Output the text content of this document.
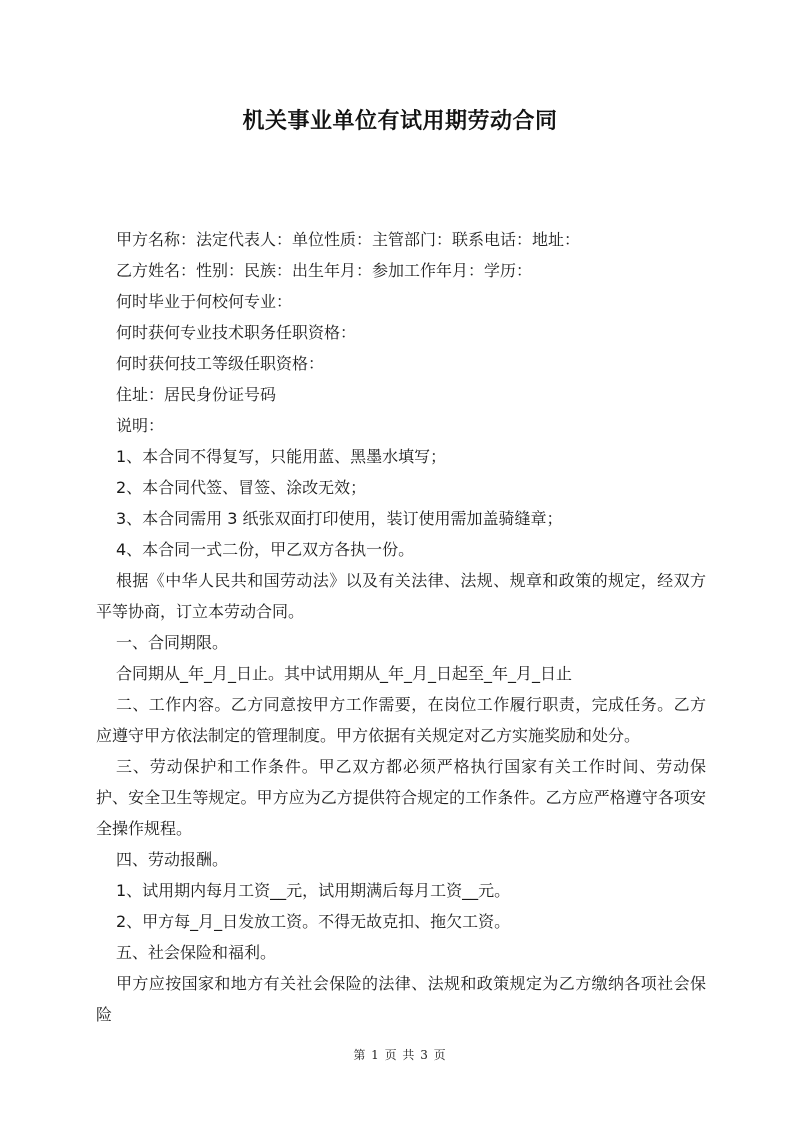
机关事业单位有试用期劳动合同

甲方名称：法定代表人：单位性质：主管部门：联系电话：地址：

乙方姓名：性别：民族：出生年月：参加工作年月：学历：

何时毕业于何校何专业：

何时获何专业技术职务任职资格：

何时获何技工等级任职资格：

住址：居民身份证号码

说明：

1、本合同不得复写，只能用蓝、黑墨水填写；

2、本合同代签、冒签、涂改无效；

3、本合同需用 3 纸张双面打印使用，装订使用需加盖骑缝章；

4、本合同一式二份，甲乙双方各执一份。

根据《中华人民共和国劳动法》以及有关法律、法规、规章和政策的规定，经双方平等协商，订立本劳动合同。

一、合同期限。

合同期从_年_月_日止。其中试用期从_年_月_日起至_年_月_日止

二、工作内容。乙方同意按甲方工作需要，在岗位工作履行职责，完成任务。乙方应遵守甲方依法制定的管理制度。甲方依据有关规定对乙方实施奖励和处分。

三、劳动保护和工作条件。甲乙双方都必须严格执行国家有关工作时间、劳动保护、安全卫生等规定。甲方应为乙方提供符合规定的工作条件。乙方应严格遵守各项安全操作规程。

四、劳动报酬。

1、试用期内每月工资__元，试用期满后每月工资__元。

2、甲方每_月_日发放工资。不得无故克扣、拖欠工资。

五、社会保险和福利。

甲方应按国家和地方有关社会保险的法律、法规和政策规定为乙方缴纳各项社会保险

第 1 页 共 3 页
